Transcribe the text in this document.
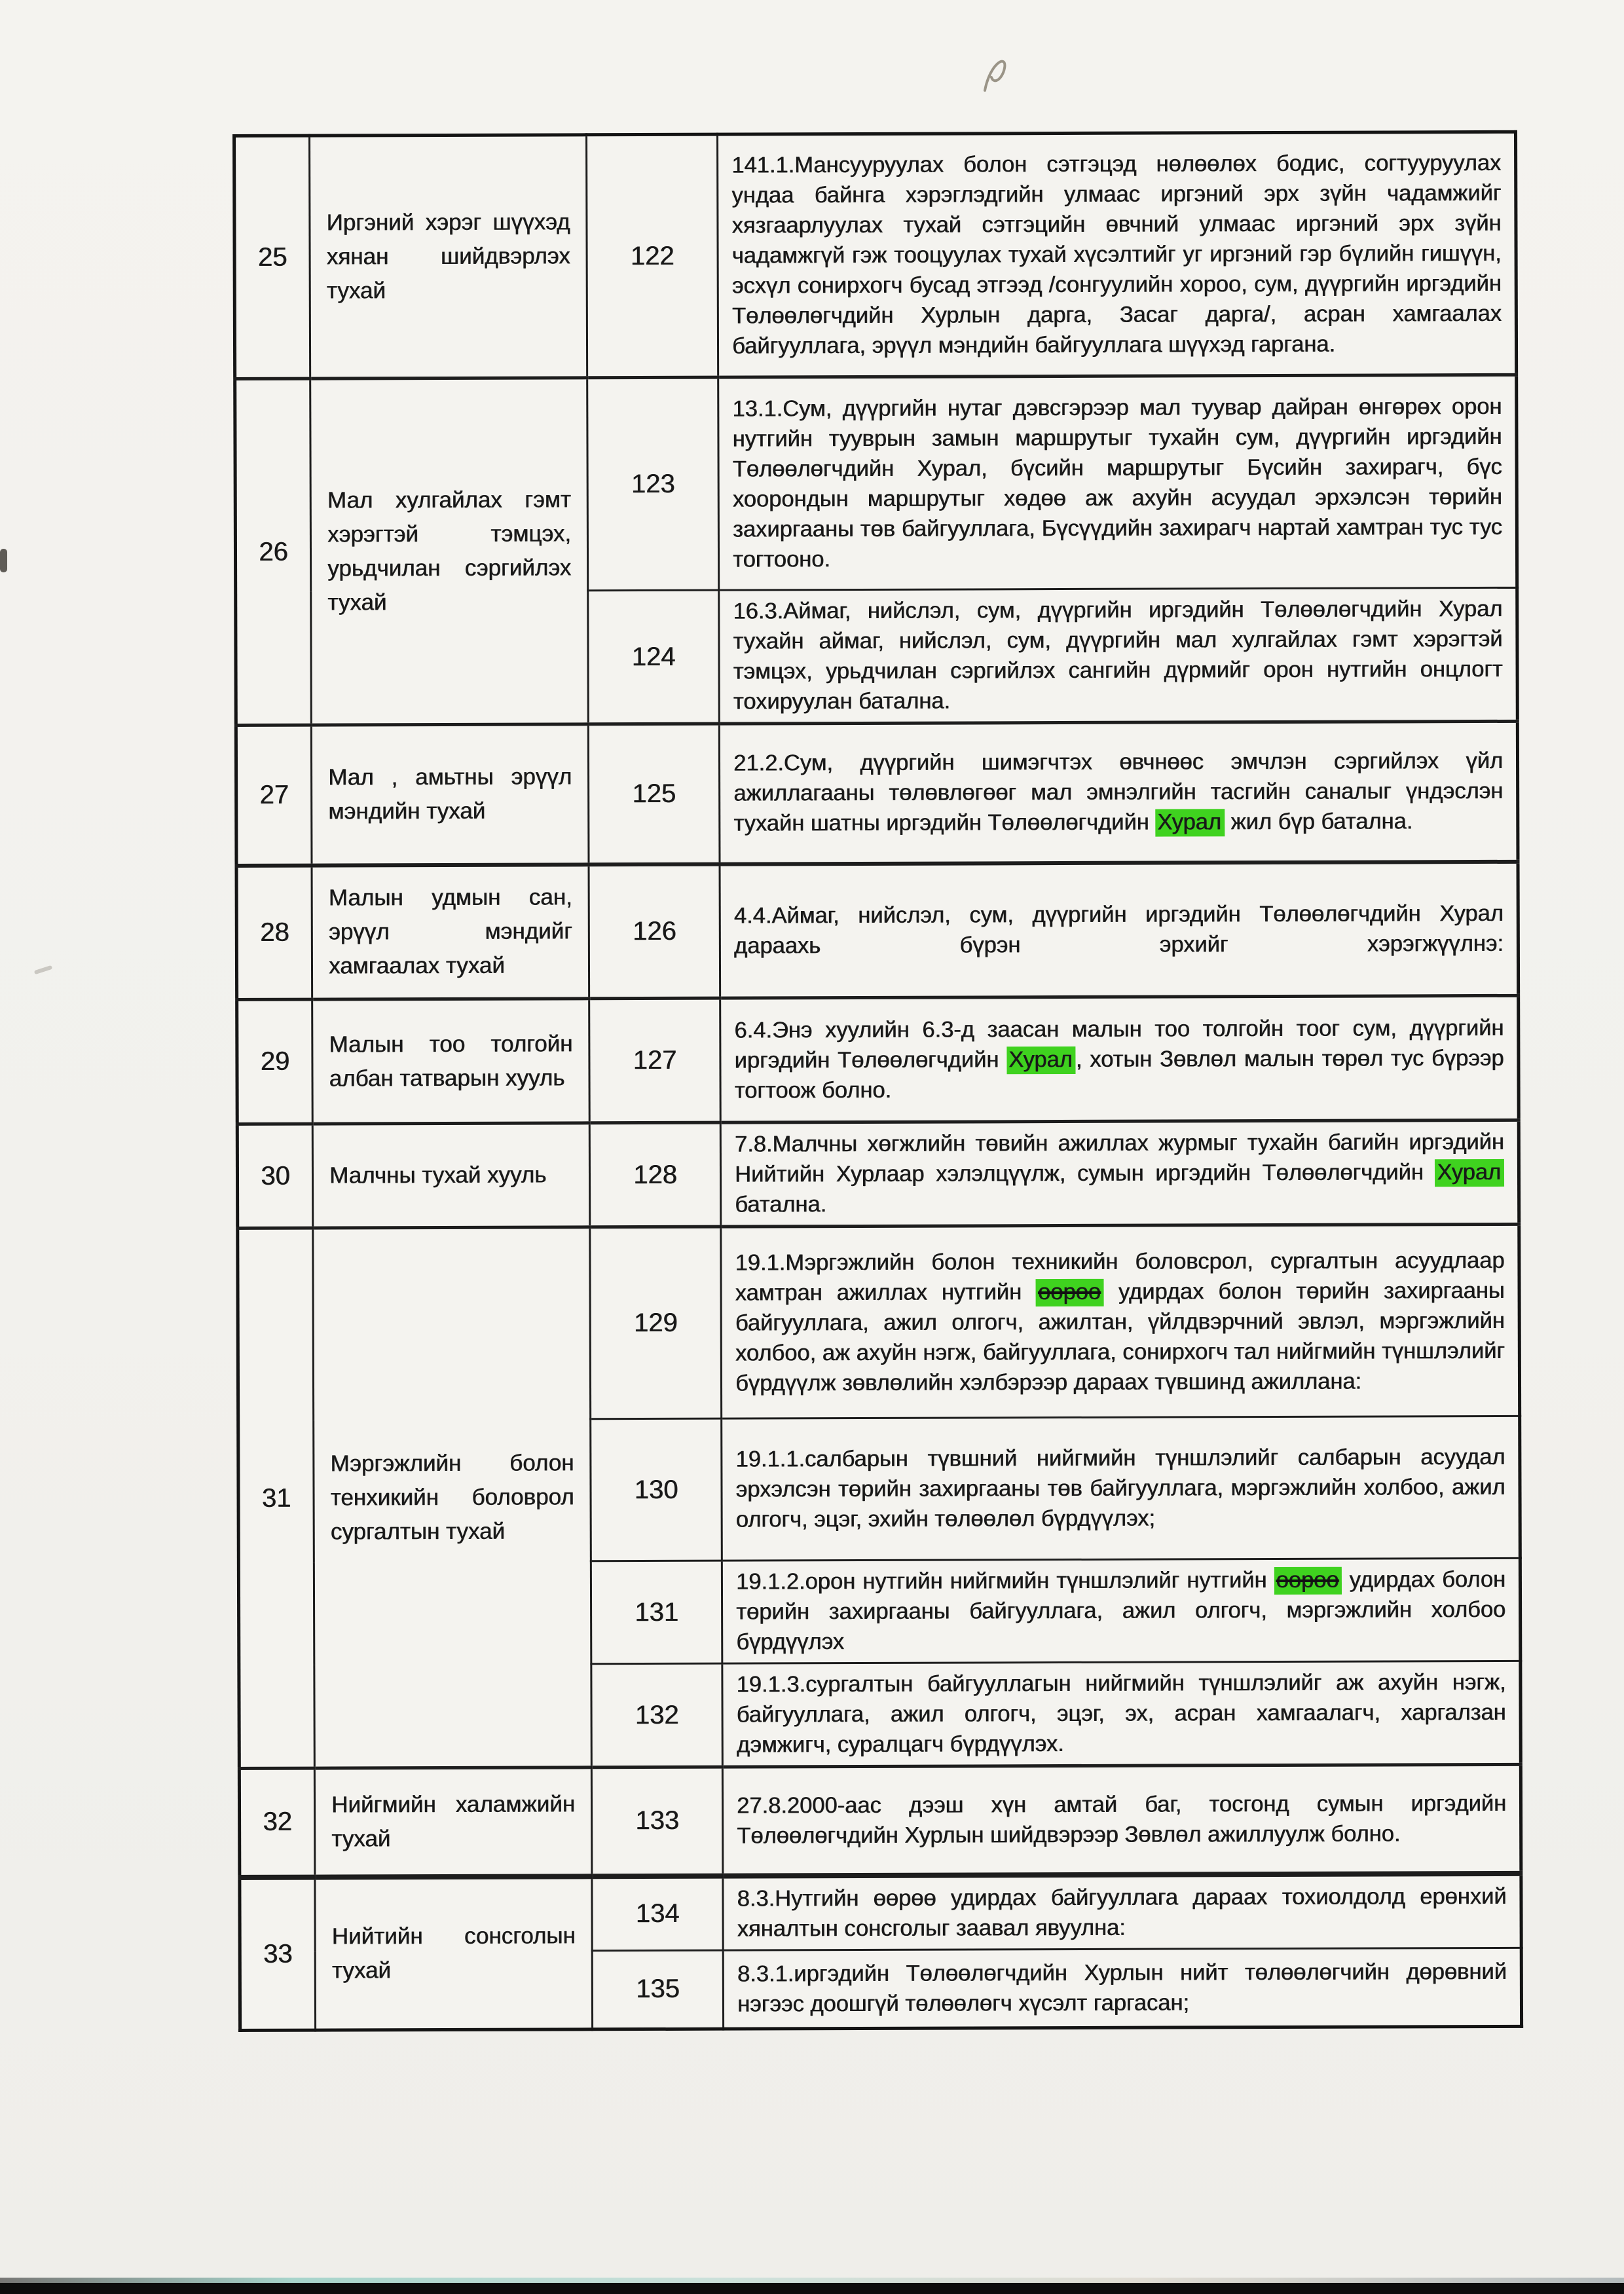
25	Иргэний хэрэг шүүхэд хянан шийдвэрлэх тухай	122	141.1.Мансууруулах болон сэтгэцэд нөлөөлөх бодис, согтууруулах ундаа байнга хэрэглэдгийн улмаас иргэний эрх зүйн чадамжийг хязгаарлуулах тухай сэтгэцийн өвчний улмаас иргэний эрх зүйн чадамжгүй гэж тооцуулах тухай хүсэлтийг уг иргэний гэр бүлийн гишүүн, эсхүл сонирхогч бусад этгээд /сонгуулийн хороо, сум, дүүргийн иргэдийн Төлөөлөгчдийн Хурлын дарга, Засаг дарга/, асран хамгаалах байгууллага, эрүүл мэндийн байгууллага шүүхэд гаргана.

26	Мал хулгайлах гэмт хэрэгтэй тэмцэх, урьдчилан сэргийлэх тухай	123	13.1.Сум, дүүргийн нутаг дэвсгэрээр мал туувар дайран өнгөрөх орон нутгийн тууврын замын маршрутыг тухайн сум, дүүргийн иргэдийн Төлөөлөгчдийн Хурал, бүсийн маршрутыг Бүсийн захирагч, бүс хоорондын маршрутыг хөдөө аж ахуйн асуудал эрхэлсэн төрийн захиргааны төв байгууллага, Бүсүүдийн захирагч нартай хамтран тус тус тогтооно.

		124	16.3.Аймаг, нийслэл, сум, дүүргийн иргэдийн Төлөөлөгчдийн Хурал тухайн аймаг, нийслэл, сум, дүүргийн мал хулгайлах гэмт хэрэгтэй тэмцэх, урьдчилан сэргийлэх сангийн дүрмийг орон нутгийн онцлогт тохируулан батална.

27	Мал , амьтны эрүүл мэндийн тухай	125	21.2.Сум, дүүргийн шимэгчтэх өвчнөөс эмчлэн сэргийлэх үйл ажиллагааны төлөвлөгөөг мал эмнэлгийн тасгийн саналыг үндэслэн тухайн шатны иргэдийн Төлөөлөгчдийн Хурал жил бүр батална.

28	Малын удмын сан, эрүүл мэндийг хамгаалах тухай	126	4.4.Аймаг, нийслэл, сум, дүүргийн иргэдийн Төлөөлөгчдийн Хурал дараахь бүрэн эрхийг хэрэгжүүлнэ:

29	Малын тоо толгойн албан татварын хууль	127	6.4.Энэ хуулийн 6.3-д заасан малын тоо толгойн тоог сум, дүүргийн иргэдийн Төлөөлөгчдийн Хурал , хотын Зөвлөл малын төрөл тус бүрээр тогтоож болно.

30	Малчны тухай хууль	128	7.8.Малчны хөгжлийн төвийн ажиллах журмыг тухайн багийн иргэдийн Нийтийн Хурлаар хэлэлцүүлж, сумын иргэдийн Төлөөлөгчдийн Хурал батална.

31	Мэргэжлийн болон тенхикийн боловрол сургалтын тухай	129	19.1.Мэргэжлийн болон техникийн боловсрол, сургалтын асуудлаар хамтран ажиллах нутгийн өөрөө удирдах болон төрийн захиргааны байгууллага, ажил олгогч, ажилтан, үйлдвэрчний эвлэл, мэргэжлийн холбоо, аж ахуйн нэгж, байгууллага, сонирхогч тал нийгмийн түншлэлийг бүрдүүлж зөвлөлийн хэлбэрээр дараах түвшинд ажиллана:

		130	19.1.1.салбарын түвшний нийгмийн түншлэлийг салбарын асуудал эрхэлсэн төрийн захиргааны төв байгууллага, мэргэжлийн холбоо, ажил олгогч, эцэг, эхийн төлөөлөл бүрдүүлэх;

		131	19.1.2.орон нутгийн нийгмийн түншлэлийг нутгийн өөрөө удирдах болон төрийн захиргааны байгууллага, ажил олгогч, мэргэжлийн холбоо бүрдүүлэх

		132	19.1.3.сургалтын байгууллагын нийгмийн түншлэлийг аж ахуйн нэгж, байгууллага, ажил олгогч, эцэг, эх, асран хамгаалагч, харгалзан дэмжигч, суралцагч бүрдүүлэх.

32	Нийгмийн халамжийн тухай	133	27.8.2000-аас дээш хүн амтай баг, тосгонд сумын иргэдийн Төлөөлөгчдийн Хурлын шийдвэрээр Зөвлөл ажиллуулж болно.

33	Нийтийн сонсголын тухай	134	8.3.Нутгийн өөрөө удирдах байгууллага дараах тохиолдолд ерөнхий хяналтын сонсголыг заавал явуулна:

		135	8.3.1.иргэдийн Төлөөлөгчдийн Хурлын нийт төлөөлөгчийн дөрөвний нэгээс доошгүй төлөөлөгч хүсэлт гаргасан;
